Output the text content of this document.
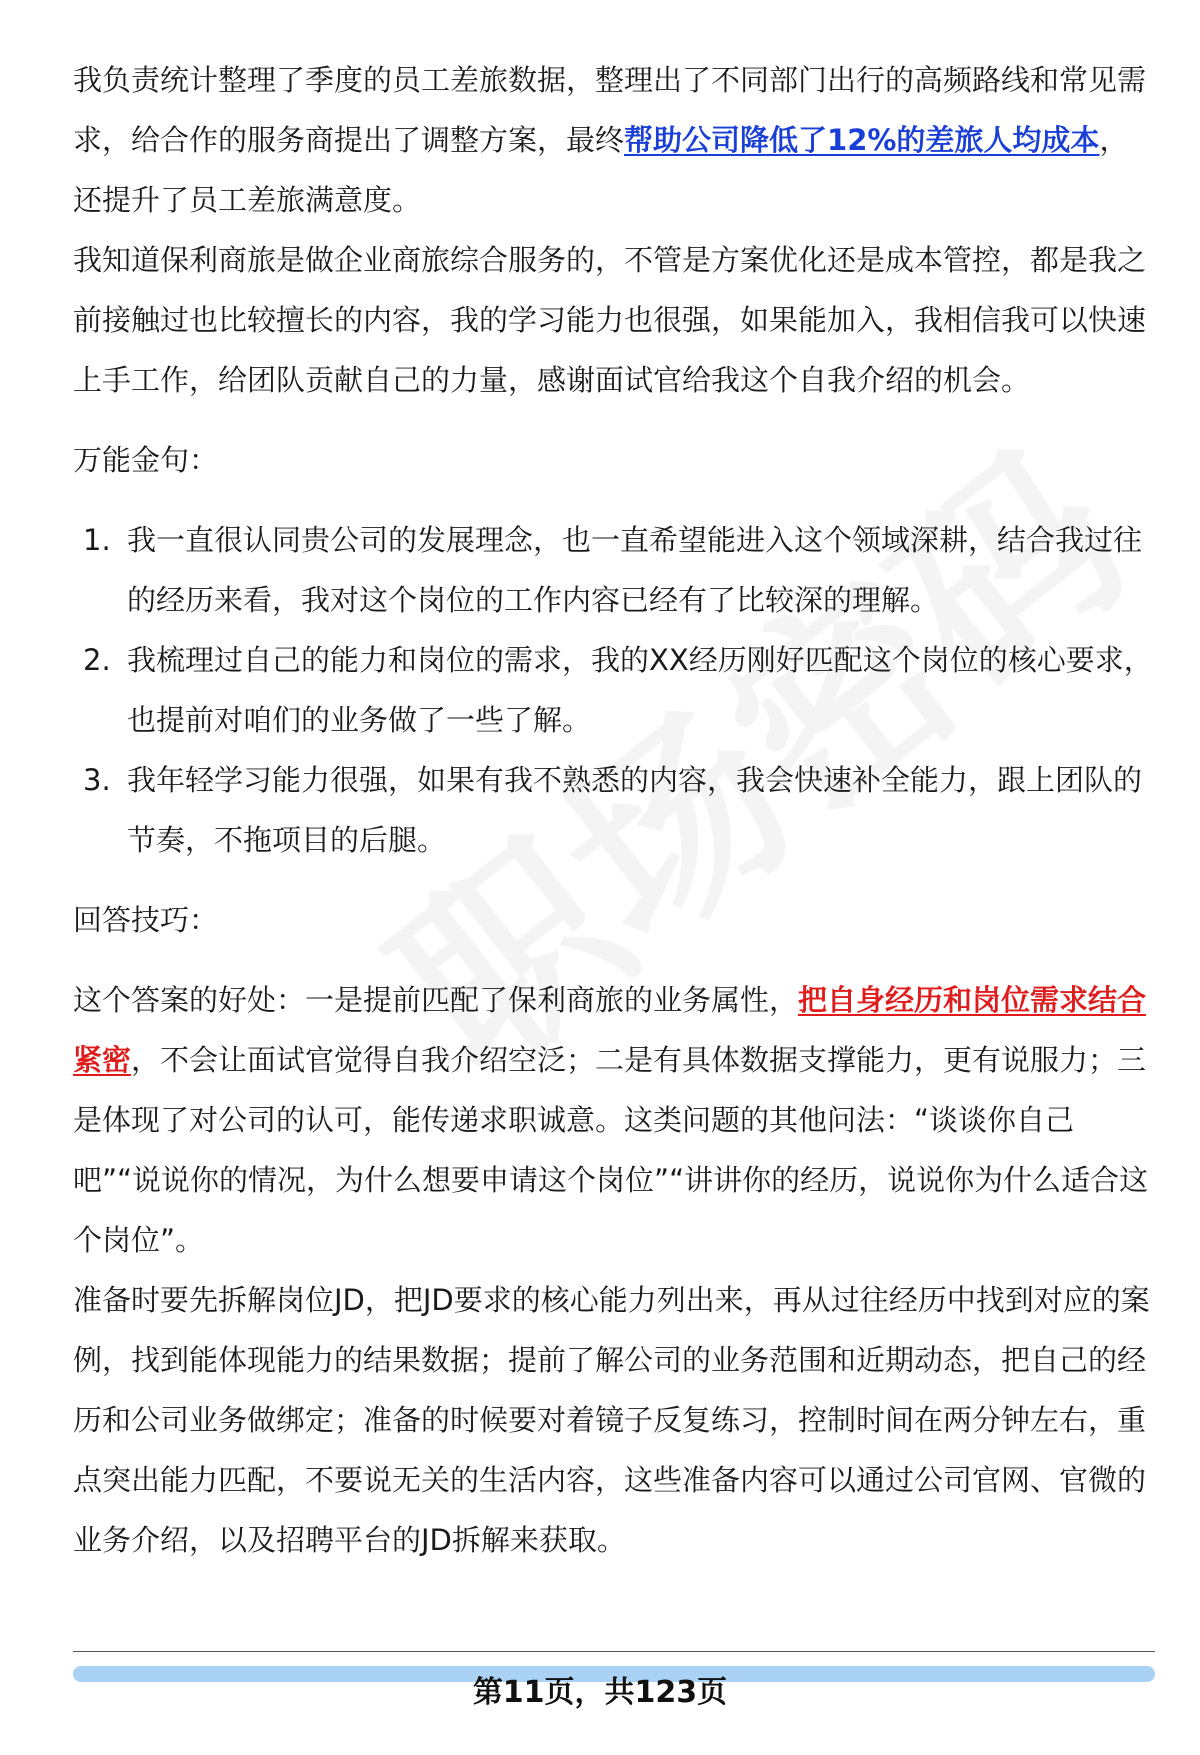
我负责统计整理了季度的员工差旅数据，整理出了不同部门出行的高频路线和常见需求，给合作的服务商提出了调整方案，最终帮助公司降低了12%的差旅人均成本，还提升了员工差旅满意度。

我知道保利商旅是做企业商旅综合服务的，不管是方案优化还是成本管控，都是我之前接触过也比较擅长的内容，我的学习能力也很强，如果能加入，我相信我可以快速上手工作，给团队贡献自己的力量，感谢面试官给我这个自我介绍的机会。

万能金句：

1. 我一直很认同贵公司的发展理念，也一直希望能进入这个领域深耕，结合我过往的经历来看，我对这个岗位的工作内容已经有了比较深的理解。
2. 我梳理过自己的能力和岗位的需求，我的XX经历刚好匹配这个岗位的核心要求，也提前对咱们的业务做了一些了解。
3. 我年轻学习能力很强，如果有我不熟悉的内容，我会快速补全能力，跟上团队的节奏，不拖项目的后腿。

回答技巧：

这个答案的好处：一是提前匹配了保利商旅的业务属性，把自身经历和岗位需求结合紧密，不会让面试官觉得自我介绍空泛；二是有具体数据支撑能力，更有说服力；三是体现了对公司的认可，能传递求职诚意。这类问题的其他问法：“谈谈你自己吧”“说说你的情况，为什么想要申请这个岗位”“讲讲你的经历，说说你为什么适合这个岗位”。

准备时要先拆解岗位JD，把JD要求的核心能力列出来，再从过往经历中找到对应的案例，找到能体现能力的结果数据；提前了解公司的业务范围和近期动态，把自己的经历和公司业务做绑定；准备的时候要对着镜子反复练习，控制时间在两分钟左右，重点突出能力匹配，不要说无关的生活内容，这些准备内容可以通过公司官网、官微的业务介绍，以及招聘平台的JD拆解来获取。

第11页，共123页
